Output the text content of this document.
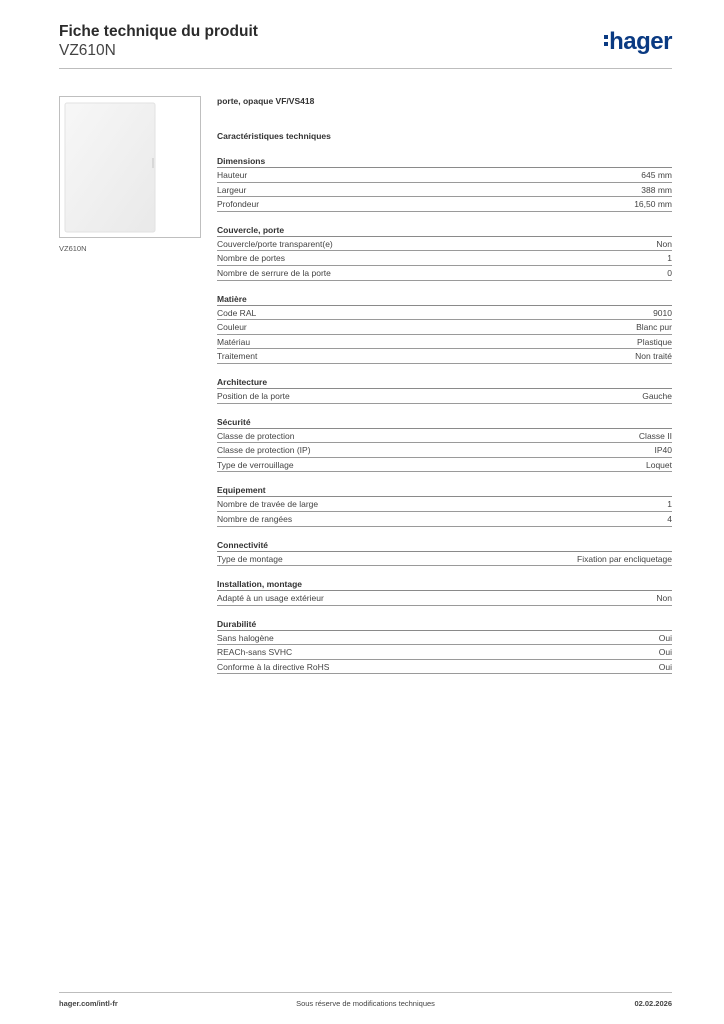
Fiche technique du produit
VZ610N	hager
VZ610N
porte, opaque VF/VS418
Caractéristiques techniques
Dimensions
Hauteur	645 mm
Largeur	388 mm
Profondeur	16,50 mm
Couvercle, porte
Couvercle/porte transparent(e)	Non
Nombre de portes	1
Nombre de serrure de la porte	0
Matière
Code RAL	9010
Couleur	Blanc pur
Matériau	Plastique
Traitement	Non traité
Architecture
Position de la porte	Gauche
Sécurité
Classe de protection	Classe II
Classe de protection (IP)	IP40
Type de verrouillage	Loquet
Equipement
Nombre de travée de large	1
Nombre de rangées	4
Connectivité
Type de montage	Fixation par encliquetage
Installation, montage
Adapté à un usage extérieur	Non
Durabilité
Sans halogène	Oui
REACh-sans SVHC	Oui
Conforme à la directive RoHS	Oui
hager.com/intl-fr	Sous réserve de modifications techniques	02.02.2026
